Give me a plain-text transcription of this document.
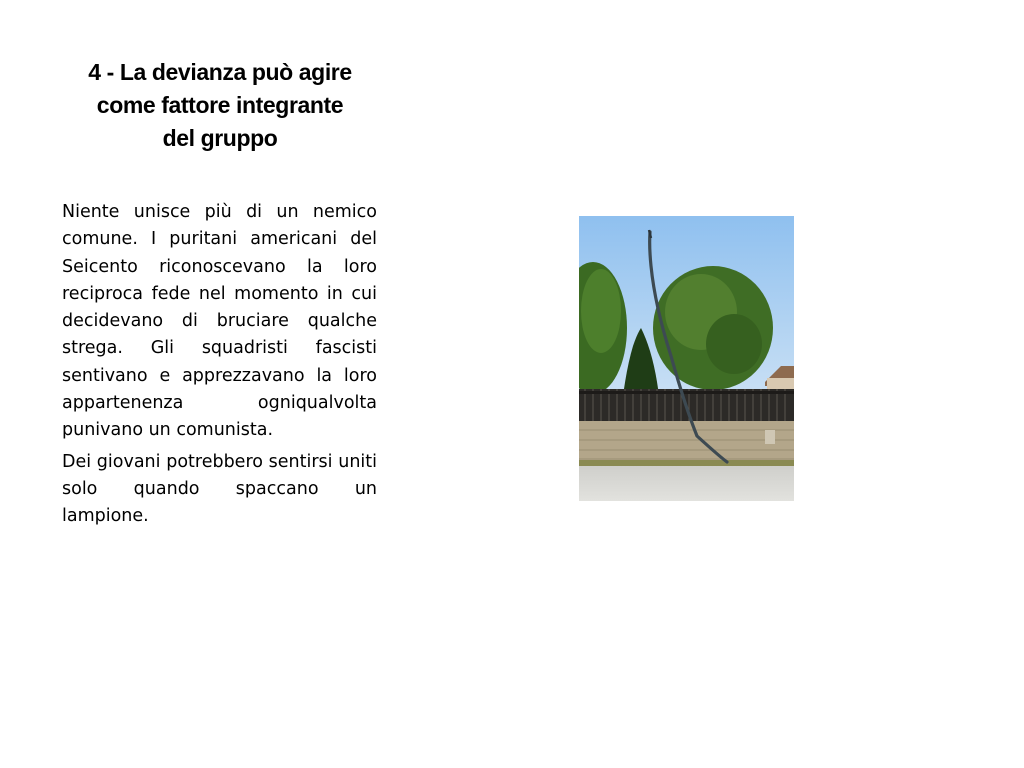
4 - La devianza può agire
come fattore integrante
del gruppo

Niente unisce più di un nemico comune. I puritani americani del Seicento riconoscevano la loro reciproca fede nel momento in cui decidevano di bruciare qualche strega. Gli squadristi fascisti sentivano e apprezzavano la loro appartenenza ogniqualvolta punivano un comunista.

Dei giovani potrebbero sentirsi uniti solo quando spaccano un lampione.
